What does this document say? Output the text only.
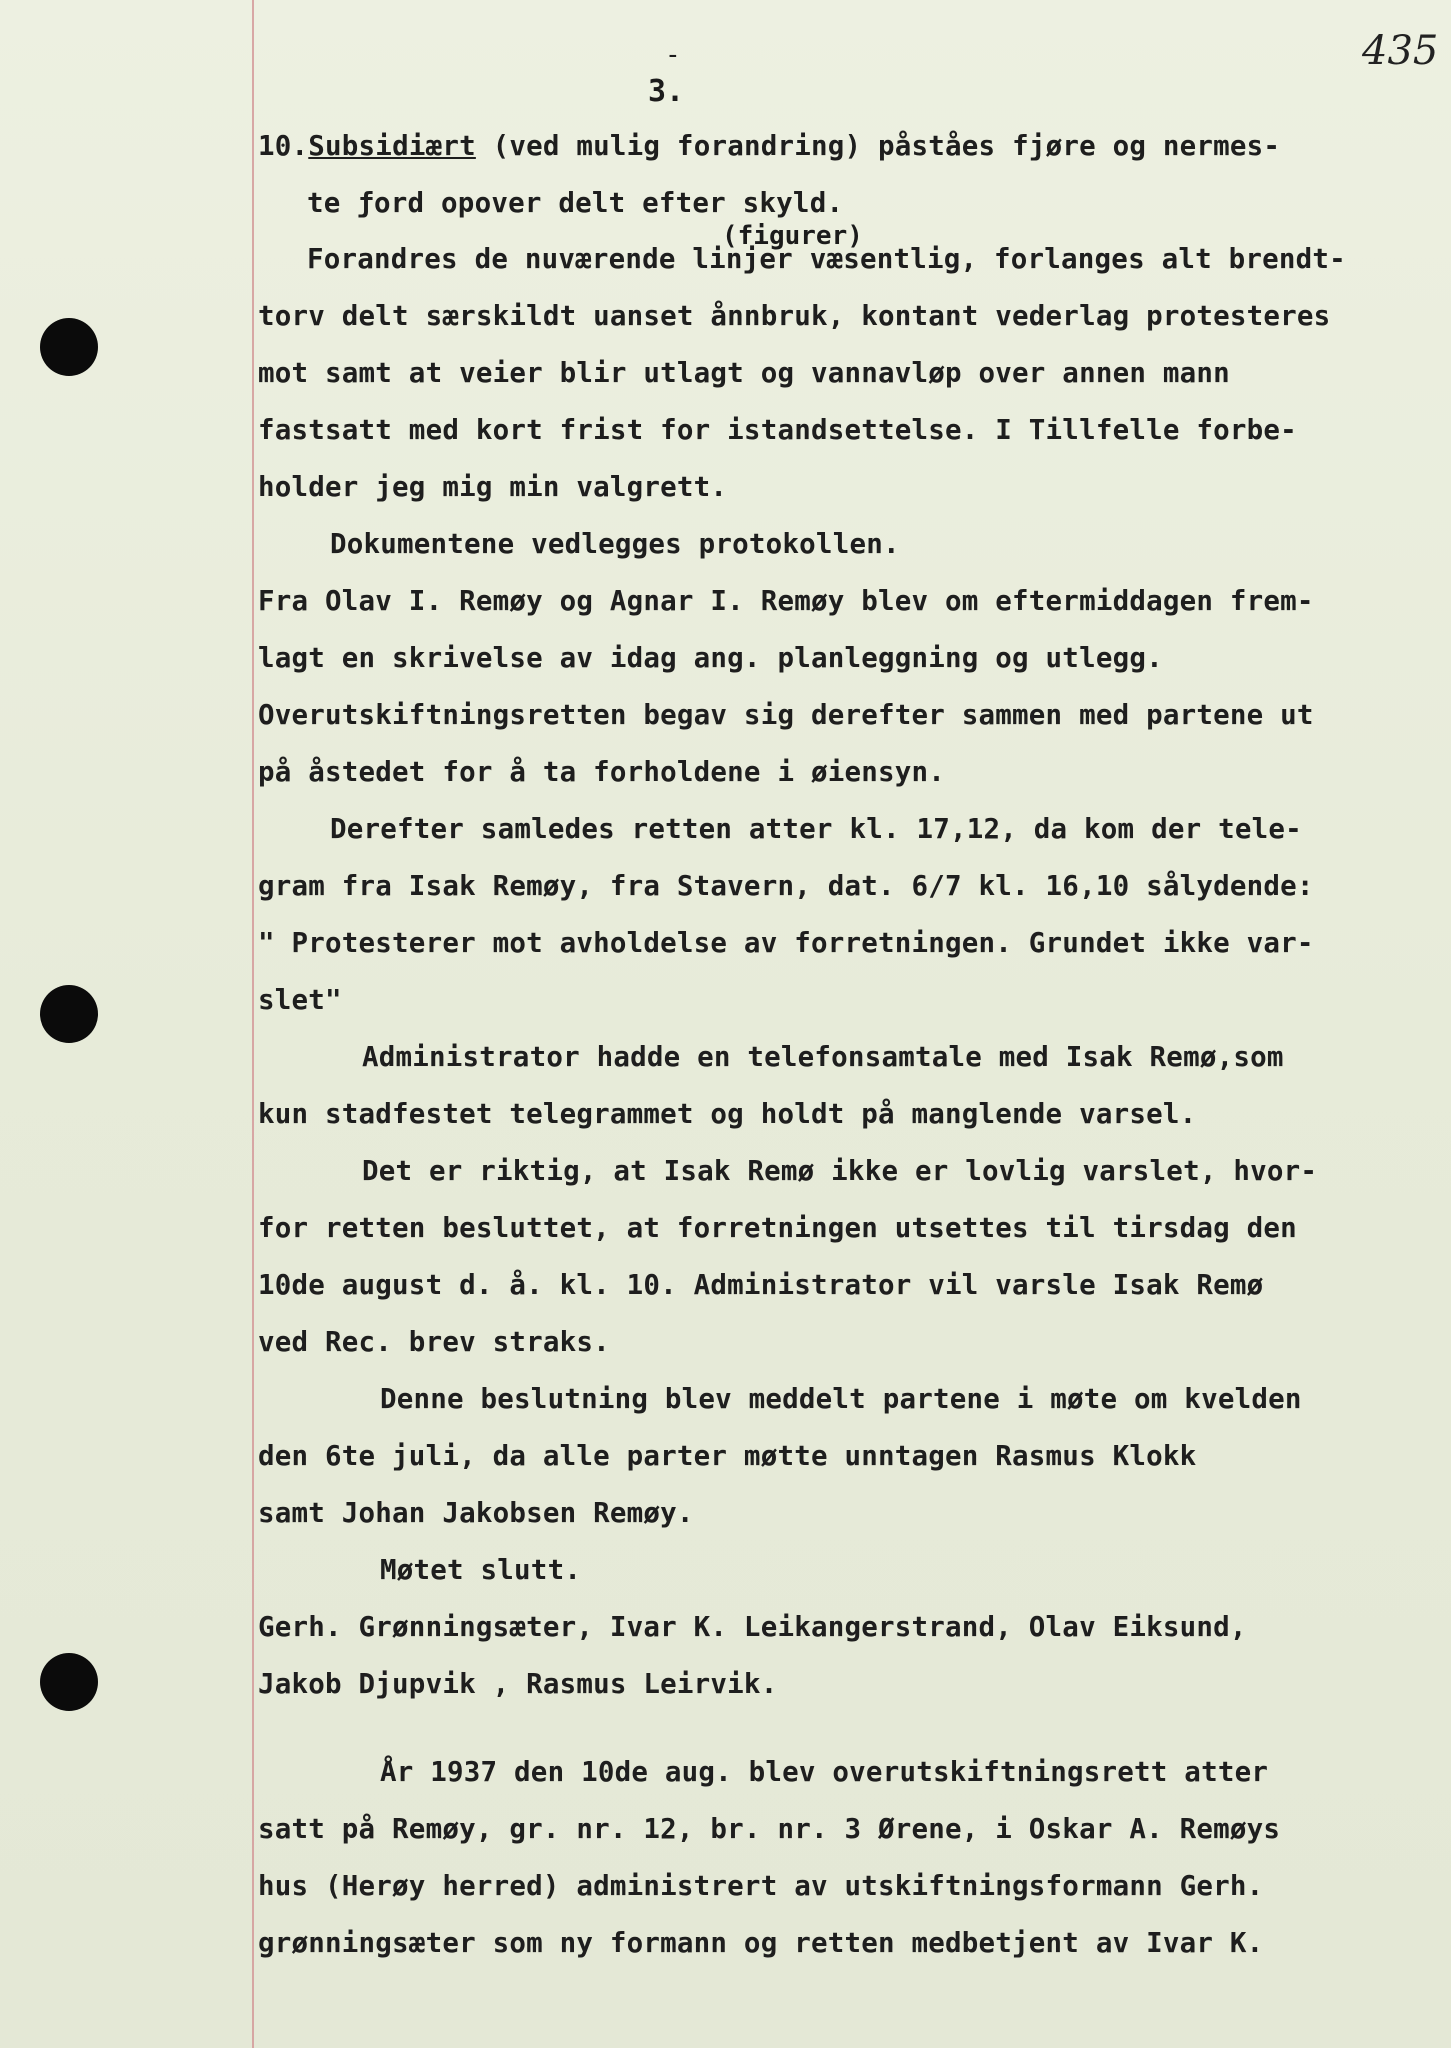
435
-
3.
(figurer)
10.Subsidiært (ved mulig forandring) påståes fjøre og nermes-
te ƒord opover delt efter skyld.
Forandres de nuværende linjer væsentlig, forlanges alt brendt-
torv delt særskildt uanset ånnbruk, kontant vederlag protesteres
mot samt at veier blir utlagt og vannavløp over annen mann
fastsatt med kort frist for istandsettelse. I Tillfelle forbe-
holder jeg mig min valgrett.
Dokumentene vedlegges protokollen.
Fra Olav I. Remøy og Agnar I. Remøy blev om eftermiddagen frem-
lagt en skrivelse av idag ang. planleggning og utlegg.
Overutskiftningsretten begav sig derefter sammen med partene ut
på åstedet for å ta forholdene i øiensyn.
Derefter samledes retten atter kl. 17,12, da kom der tele-
gram fra Isak Remøy, fra Stavern, dat. 6/7 kl. 16,10 sålydende:
" Protesterer mot avholdelse av forretningen. Grundet ikke var-
slet"
Administrator hadde en telefonsamtale med Isak Remø,som
kun stadfestet telegrammet og holdt på manglende varsel.
Det er riktig, at Isak Remø ikke er lovlig varslet, hvor-
for retten besluttet, at forretningen utsettes til tirsdag den
10de august d. å. kl. 10. Administrator vil varsle Isak Remø
ved Rec. brev straks.
Denne beslutning blev meddelt partene i møte om kvelden
den 6te juli, da alle parter møtte unntagen Rasmus Klokk
samt Johan Jakobsen Remøy.
Møtet slutt.
Gerh. Grønningsæter, Ivar K. Leikangerstrand, Olav Eiksund,
Jakob Djupvik , Rasmus Leirvik.
År 1937 den 10de aug. blev overutskiftningsrett atter
satt på Remøy, gr. nr. 12, br. nr. 3 Ørene, i Oskar A. Remøys
hus (Herøy herred) administrert av utskiftningsformann Gerh.
grønningsæter som ny formann og retten medbetjent av Ivar K.
